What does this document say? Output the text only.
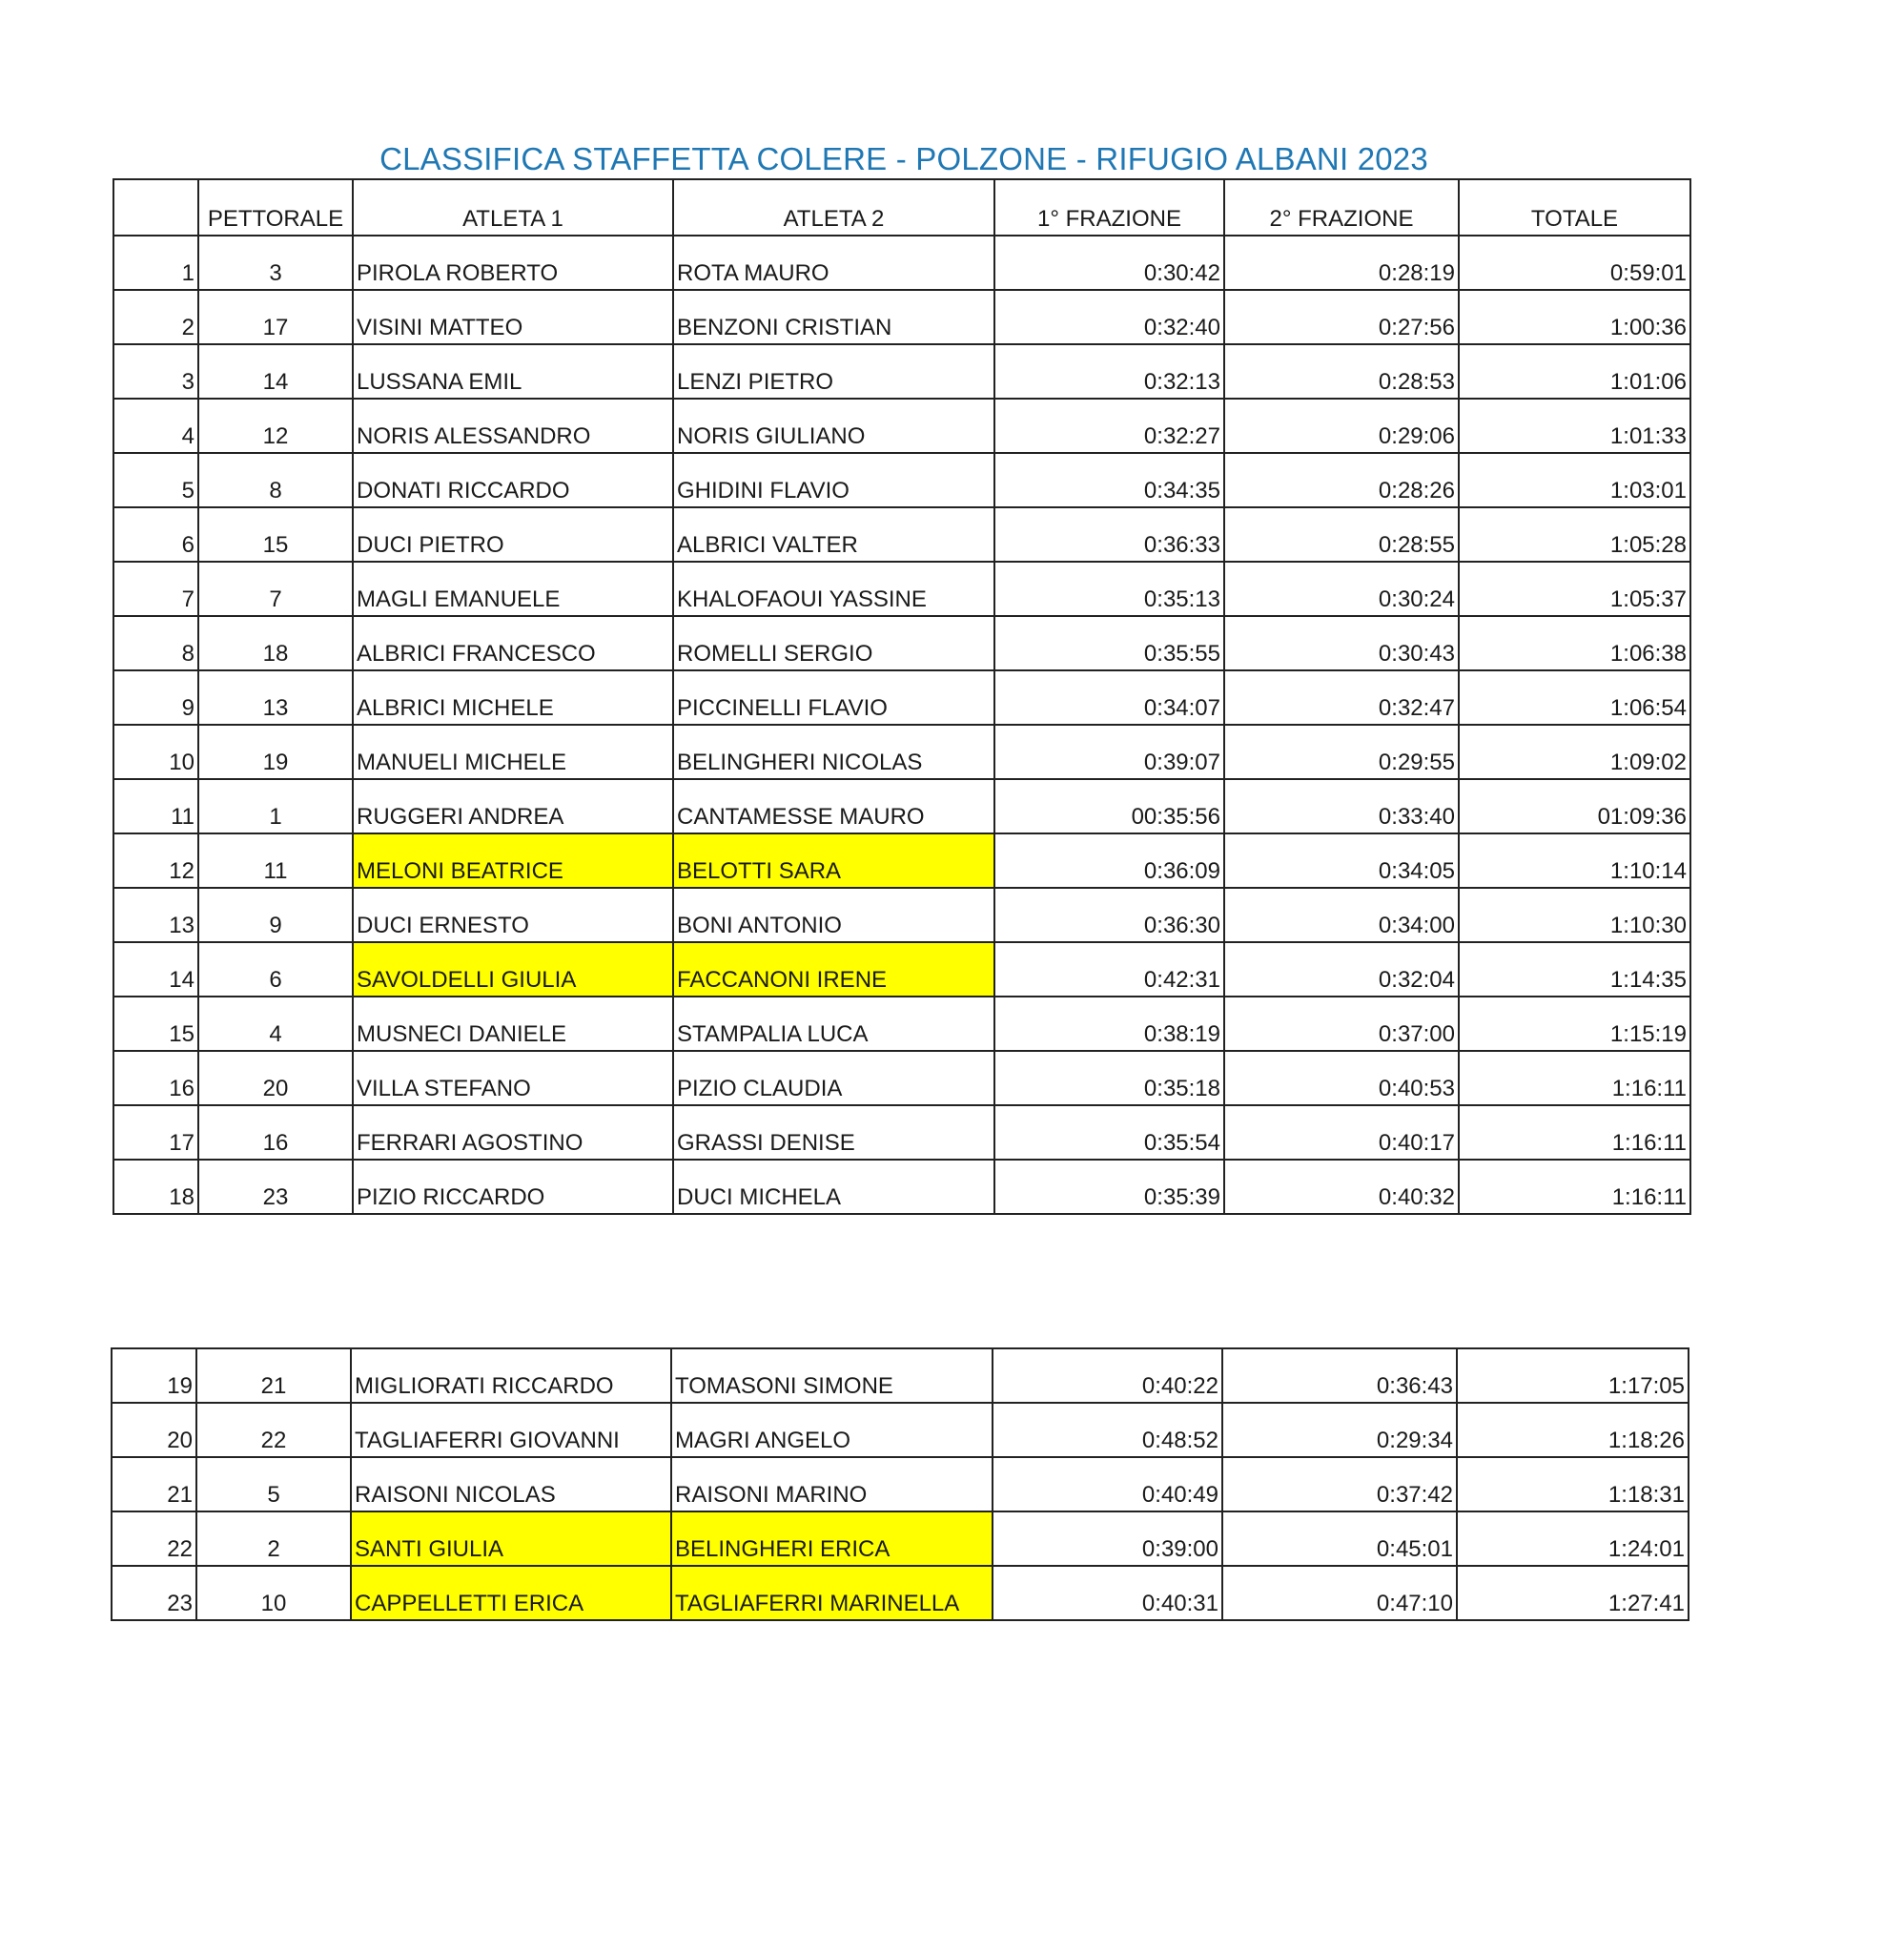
CLASSIFICA STAFFETTA COLERE - POLZONE - RIFUGIO ALBANI 2023
	PETTORALE	ATLETA 1	ATLETA 2	1° FRAZIONE	2° FRAZIONE	TOTALE
1	3	PIROLA ROBERTO	ROTA MAURO	0:30:42	0:28:19	0:59:01
2	17	VISINI MATTEO	BENZONI CRISTIAN	0:32:40	0:27:56	1:00:36
3	14	LUSSANA EMIL	LENZI PIETRO	0:32:13	0:28:53	1:01:06
4	12	NORIS ALESSANDRO	NORIS GIULIANO	0:32:27	0:29:06	1:01:33
5	8	DONATI RICCARDO	GHIDINI FLAVIO	0:34:35	0:28:26	1:03:01
6	15	DUCI PIETRO	ALBRICI VALTER	0:36:33	0:28:55	1:05:28
7	7	MAGLI EMANUELE	KHALOFAOUI YASSINE	0:35:13	0:30:24	1:05:37
8	18	ALBRICI FRANCESCO	ROMELLI SERGIO	0:35:55	0:30:43	1:06:38
9	13	ALBRICI MICHELE	PICCINELLI FLAVIO	0:34:07	0:32:47	1:06:54
10	19	MANUELI MICHELE	BELINGHERI NICOLAS	0:39:07	0:29:55	1:09:02
11	1	RUGGERI ANDREA	CANTAMESSE MAURO	00:35:56	0:33:40	01:09:36
12	11	MELONI BEATRICE	BELOTTI SARA	0:36:09	0:34:05	1:10:14
13	9	DUCI ERNESTO	BONI ANTONIO	0:36:30	0:34:00	1:10:30
14	6	SAVOLDELLI GIULIA	FACCANONI IRENE	0:42:31	0:32:04	1:14:35
15	4	MUSNECI DANIELE	STAMPALIA LUCA	0:38:19	0:37:00	1:15:19
16	20	VILLA STEFANO	PIZIO CLAUDIA	0:35:18	0:40:53	1:16:11
17	16	FERRARI AGOSTINO	GRASSI DENISE	0:35:54	0:40:17	1:16:11
18	23	PIZIO RICCARDO	DUCI MICHELA	0:35:39	0:40:32	1:16:11
19	21	MIGLIORATI RICCARDO	TOMASONI SIMONE	0:40:22	0:36:43	1:17:05
20	22	TAGLIAFERRI GIOVANNI	MAGRI ANGELO	0:48:52	0:29:34	1:18:26
21	5	RAISONI NICOLAS	RAISONI MARINO	0:40:49	0:37:42	1:18:31
22	2	SANTI GIULIA	BELINGHERI ERICA	0:39:00	0:45:01	1:24:01
23	10	CAPPELLETTI ERICA	TAGLIAFERRI MARINELLA	0:40:31	0:47:10	1:27:41
